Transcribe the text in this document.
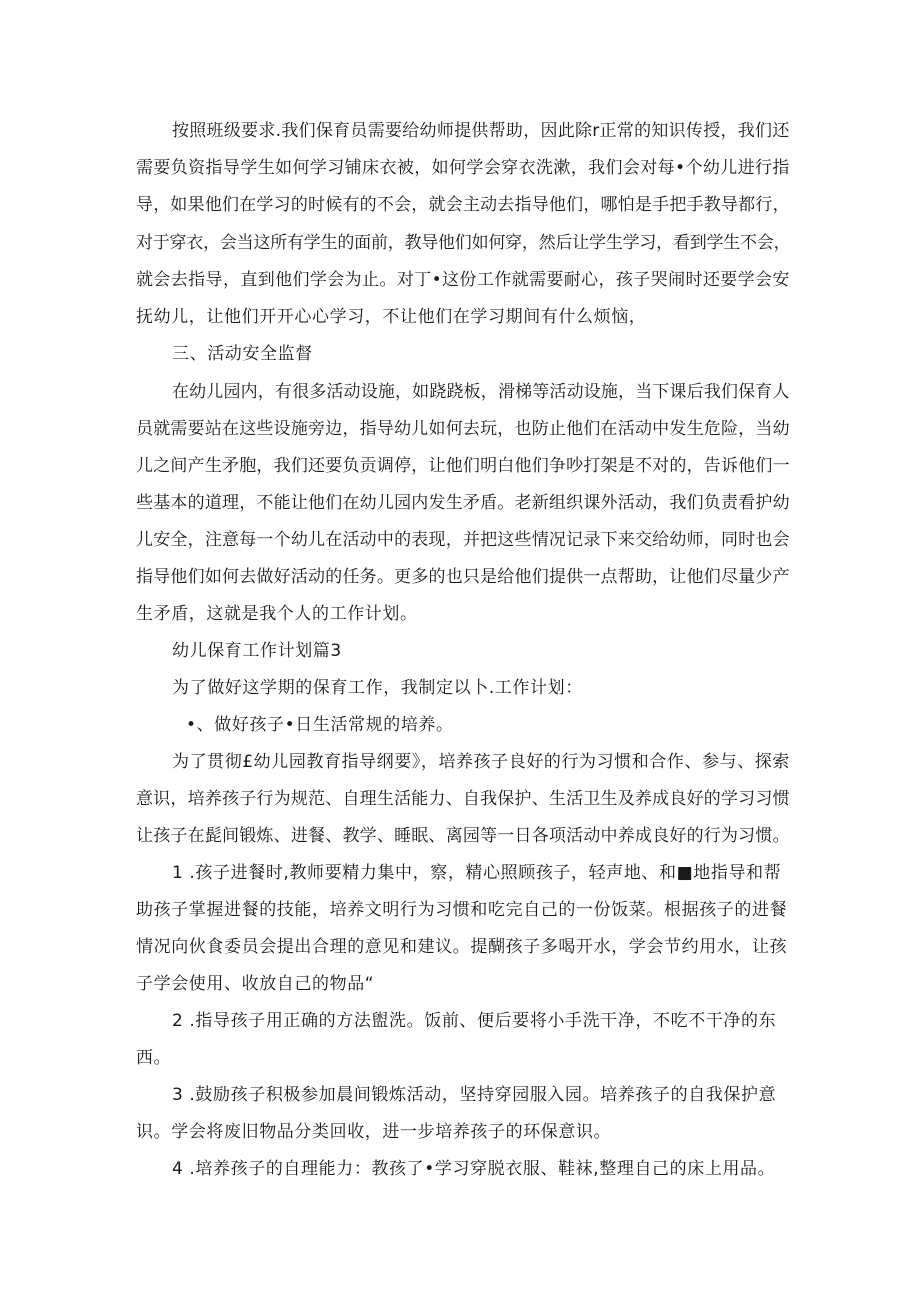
按照班级要求.我们保育员需要给幼师提供帮助，因此除r正常的知识传授，我们还
需要负资指导学生如何学习铺床衣被，如何学会穿衣洗漱，我们会对每•个幼儿进行指
导，如果他们在学习的时候有的不会，就会主动去指导他们，哪怕是手把手教导都行，
对于穿衣，会当这所有学生的面前，教导他们如何穿，然后让学生学习，看到学生不会，
就会去指导，直到他们学会为止。对丁•这份工作就需要耐心，孩子哭闹时还要学会安
抚幼儿，让他们开开心心学习，不让他们在学习期间有什么烦恼，
三、活动安全监督
在幼儿园内，有很多活动设施，如跷跷板，滑梯等活动设施，当下课后我们保育人
员就需要站在这些设施旁边，指导幼儿如何去玩，也防止他们在活动中发生危险，当幼
儿之间产生矛胞，我们还要负贡调停，让他们明白他们争吵打架是不对的，告诉他们一
些基本的道理，不能让他们在幼儿园内发生矛盾。老新组织课外活动，我们负责看护幼
儿安全，注意每一个幼儿在活动中的表现，并把这些情况记录下来交给幼师，同时也会
指导他们如何去做好活动的任务。更多的也只是给他们提供一点帮助，让他们尽量少产
生矛盾，这就是我个人的工作计划。
幼儿保育工作计划篇3
为了做好这学期的保育工作，我制定以卜.工作计划：
•、做好孩子•日生活常规的培养。
为了贯彻£幼儿园教育指导纲要》，培养孩子良好的行为习惯和合作、参与、探索
意识，培养孩子行为规范、自理生活能力、自我保护、生活卫生及养成良好的学习习惯
让孩子在髭间锻炼、进餐、教学、睡眠、离园等一日各项活动中养成良好的行为习惯。
1 .孩子进餐时,教师要精力集中，察，精心照顾孩子，轻声地、和■地指导和帮
助孩子掌握进餐的技能，培养文明行为习惯和吃完自己的一份饭菜。根据孩子的进餐
情况向伙食委员会提出合理的意见和建议。提醐孩子多喝开水，学会节约用水，让孩
子学会使用、收放自己的物品“
2 .指导孩子用正确的方法盥洗。饭前、便后要将小手洗干净，不吃不干净的东
西。
3 .鼓励孩子积极参加晨间锻炼活动，坚持穿园服入园。培养孩子的自我保护意
识。学会将废旧物品分类回收，进一步培养孩子的环保意识。
4 .培养孩子的自理能力：教孩了•学习穿脱衣服、鞋袜,整理自己的床上用品。
